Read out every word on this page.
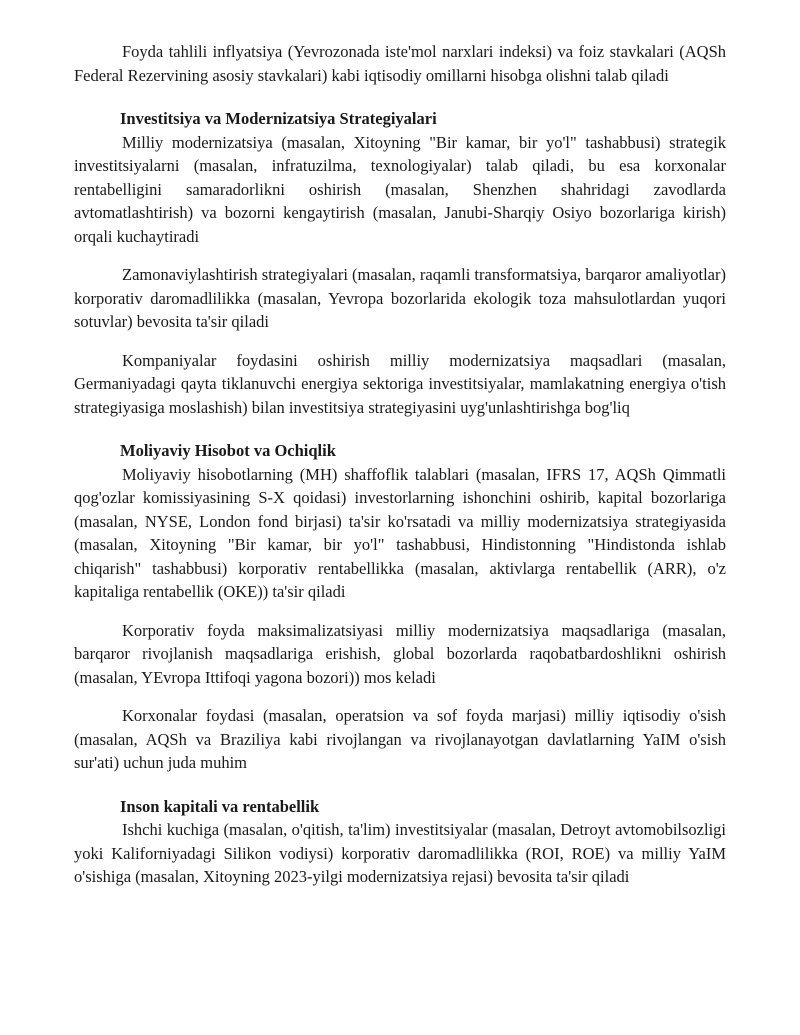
Foyda tahlili inflyatsiya (Yevrozonada iste'mol narxlari indeksi) va foiz stavkalari (AQSh Federal Rezervining asosiy stavkalari) kabi iqtisodiy omillarni hisobga olishni talab qiladi

Investitsiya va Modernizatsiya Strategiyalari

Milliy modernizatsiya (masalan, Xitoyning "Bir kamar, bir yo'l" tashabbusi) strategik investitsiyalarni (masalan, infratuzilma, texnologiyalar) talab qiladi, bu esa korxonalar rentabelligini samaradorlikni oshirish (masalan, Shenzhen shahridagi zavodlarda avtomatlashtirish) va bozorni kengaytirish (masalan, Janubi-Sharqiy Osiyo bozorlariga kirish) orqali kuchaytiradi

Zamonaviylashtirish strategiyalari (masalan, raqamli transformatsiya, barqaror amaliyotlar) korporativ daromadlilikka (masalan, Yevropa bozorlarida ekologik toza mahsulotlardan yuqori sotuvlar) bevosita ta'sir qiladi

Kompaniyalar foydasini oshirish milliy modernizatsiya maqsadlari (masalan, Germaniyadagi qayta tiklanuvchi energiya sektoriga investitsiyalar, mamlakatning energiya o'tish strategiyasiga moslashish) bilan investitsiya strategiyasini uyg'unlashtirishga bog'liq

Moliyaviy Hisobot va Ochiqlik

Moliyaviy hisobotlarning (MH) shaffoflik talablari (masalan, IFRS 17, AQSh Qimmatli qog'ozlar komissiyasining S-X qoidasi) investorlarning ishonchini oshirib, kapital bozorlariga (masalan, NYSE, London fond birjasi) ta'sir ko'rsatadi va milliy modernizatsiya strategiyasida (masalan, Xitoyning "Bir kamar, bir yo'l" tashabbusi, Hindistonning "Hindistonda ishlab chiqarish" tashabbusi) korporativ rentabellikka (masalan, aktivlarga rentabellik (ARR), o'z kapitaliga rentabellik (OKE)) ta'sir qiladi

Korporativ foyda maksimalizatsiyasi milliy modernizatsiya maqsadlariga (masalan, barqaror rivojlanish maqsadlariga erishish, global bozorlarda raqobatbardoshlikni oshirish (masalan, YEvropa Ittifoqi yagona bozori)) mos keladi

Korxonalar foydasi (masalan, operatsion va sof foyda marjasi) milliy iqtisodiy o'sish (masalan, AQSh va Braziliya kabi rivojlangan va rivojlanayotgan davlatlarning YaIM o'sish sur'ati) uchun juda muhim

Inson kapitali va rentabellik

Ishchi kuchiga (masalan, o'qitish, ta'lim) investitsiyalar (masalan, Detroyt avtomobilsozligi yoki Kaliforniyadagi Silikon vodiysi) korporativ daromadlilikka (ROI, ROE) va milliy YaIM o'sishiga (masalan, Xitoyning 2023-yilgi modernizatsiya rejasi) bevosita ta'sir qiladi
